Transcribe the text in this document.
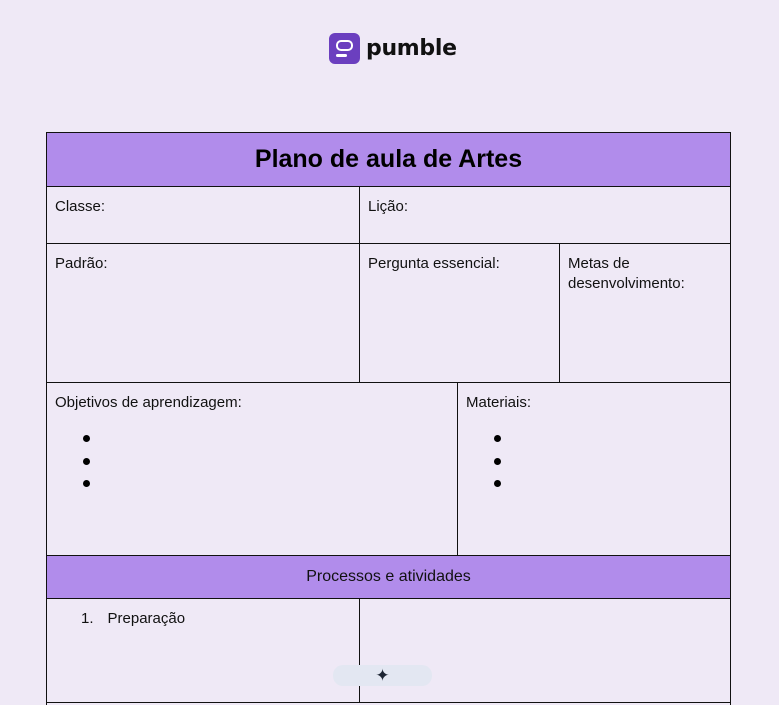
pumble
Plano de aula de Artes
Classe:	Lição:
Padrão:	Pergunta essencial:	Metas de desenvolvimento:
Objetivos de aprendizagem:	Materiais:
Processos e atividades
1. Preparação
✦
